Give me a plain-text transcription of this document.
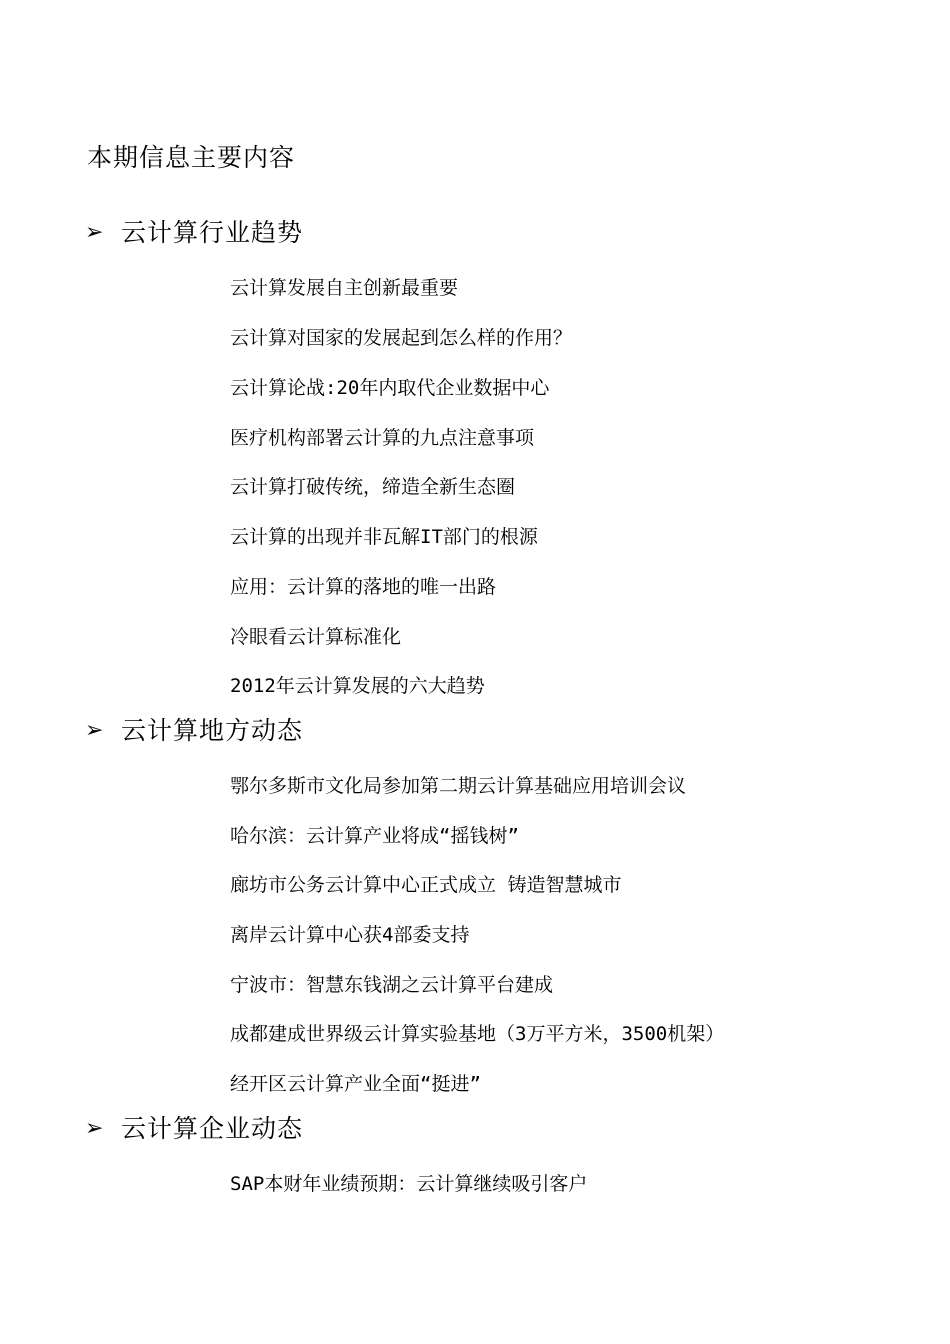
本期信息主要内容
➢ 云计算行业趋势
云计算发展自主创新最重要
云计算对国家的发展起到怎么样的作用？
云计算论战:20年内取代企业数据中心
医疗机构部署云计算的九点注意事项
云计算打破传统，缔造全新生态圈
云计算的出现并非瓦解IT部门的根源
应用：云计算的落地的唯一出路
冷眼看云计算标准化
2012年云计算发展的六大趋势
➢ 云计算地方动态
鄂尔多斯市文化局参加第二期云计算基础应用培训会议
哈尔滨：云计算产业将成“摇钱树”
廊坊市公务云计算中心正式成立 铸造智慧城市
离岸云计算中心获4部委支持
宁波市：智慧东钱湖之云计算平台建成
成都建成世界级云计算实验基地（3万平方米，3500机架）
经开区云计算产业全面“挺进”
➢ 云计算企业动态
SAP本财年业绩预期：云计算继续吸引客户
